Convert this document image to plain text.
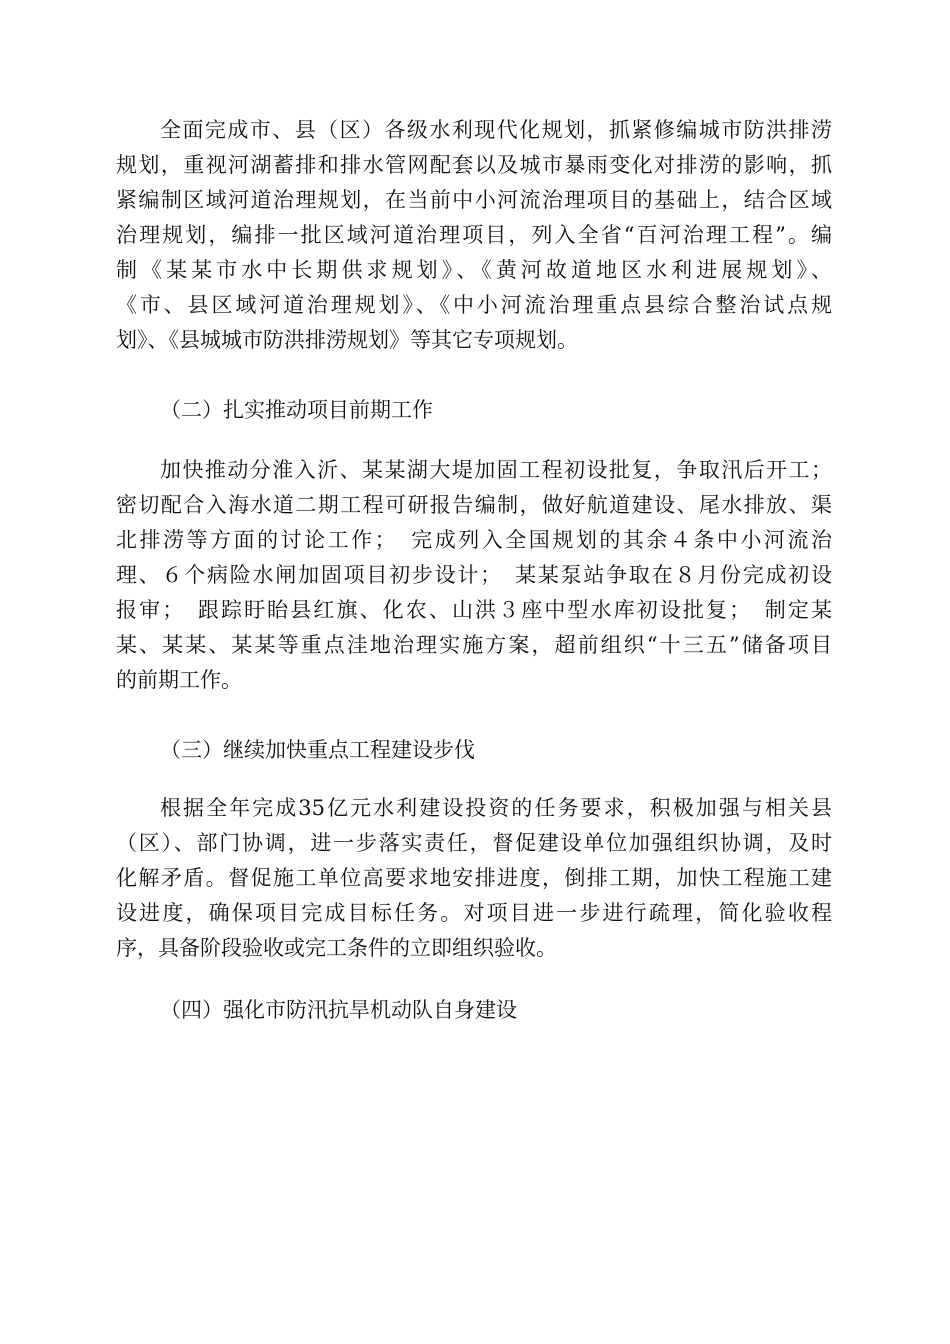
全面完成市、县（区）各级水利现代化规划，抓紧修编城市防洪排涝
规划，重视河湖蓄排和排水管网配套以及城市暴雨变化对排涝的影响，抓
紧编制区域河道治理规划，在当前中小河流治理项目的基础上，结合区域
治理规划，编排一批区域河道治理项目，列入全省“百河治理工程”。编
制《某某市水中长期供求规划》、《黄河故道地区水利进展规划》、
《市、县区域河道治理规划》、《中小河流治理重点县综合整治试点规
划》、《县城城市防洪排涝规划》等其它专项规划。
（二）扎实推动项目前期工作
加快推动分淮入沂、某某湖大堤加固工程初设批复，争取汛后开工；
密切配合入海水道二期工程可研报告编制，做好航道建设、尾水排放、渠
北排涝等方面的讨论工作；　完成列入全国规划的其余４条中小河流治
理、６个病险水闸加固项目初步设计；　某某泵站争取在８月份完成初设
报审；　跟踪盱眙县红旗、化农、山洪３座中型水库初设批复；　制定某
某、某某、某某等重点洼地治理实施方案，超前组织“十三五”储备项目
的前期工作。
（三）继续加快重点工程建设步伐
根据全年完成35亿元水利建设投资的任务要求，积极加强与相关县
（区）、部门协调，进一步落实责任，督促建设单位加强组织协调，及时
化解矛盾。督促施工单位高要求地安排进度，倒排工期，加快工程施工建
设进度，确保项目完成目标任务。对项目进一步进行疏理，简化验收程
序，具备阶段验收或完工条件的立即组织验收。
（四）强化市防汛抗旱机动队自身建设
